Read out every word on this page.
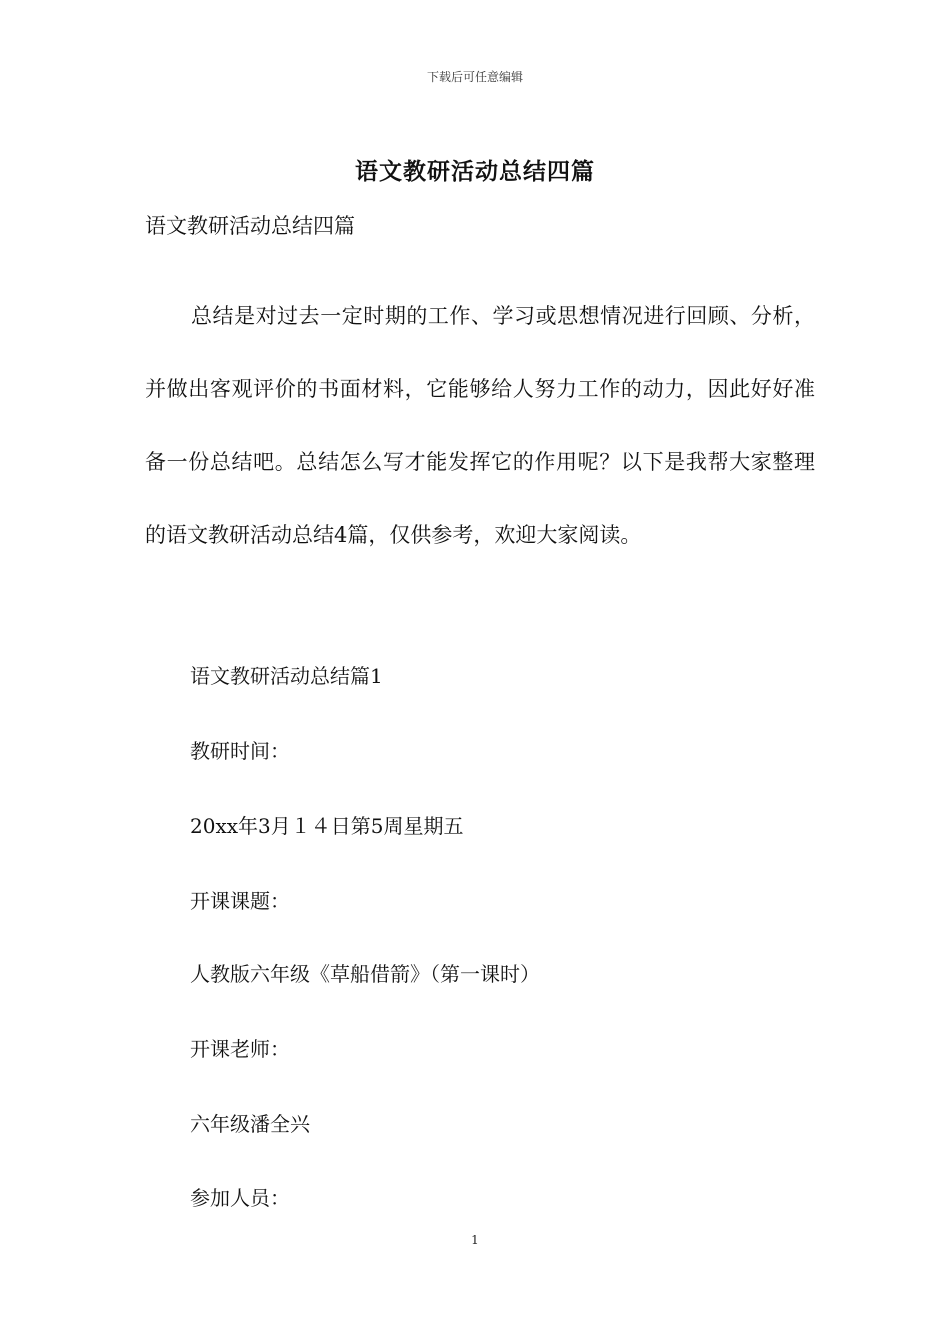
下载后可任意编辑
语文教研活动总结四篇
语文教研活动总结四篇

总结是对过去一定时期的工作、学习或思想情况进行回顾、分析，并做出客观评价的书面材料，它能够给人努力工作的动力，因此好好准备一份总结吧。总结怎么写才能发挥它的作用呢？以下是我帮大家整理的语文教研活动总结4篇，仅供参考，欢迎大家阅读。

语文教研活动总结篇1
教研时间：
20xx年3月１４日第5周星期五
开课课题：
人教版六年级《草船借箭》（第一课时）
开课老师：
六年级潘全兴
参加人员：
1
